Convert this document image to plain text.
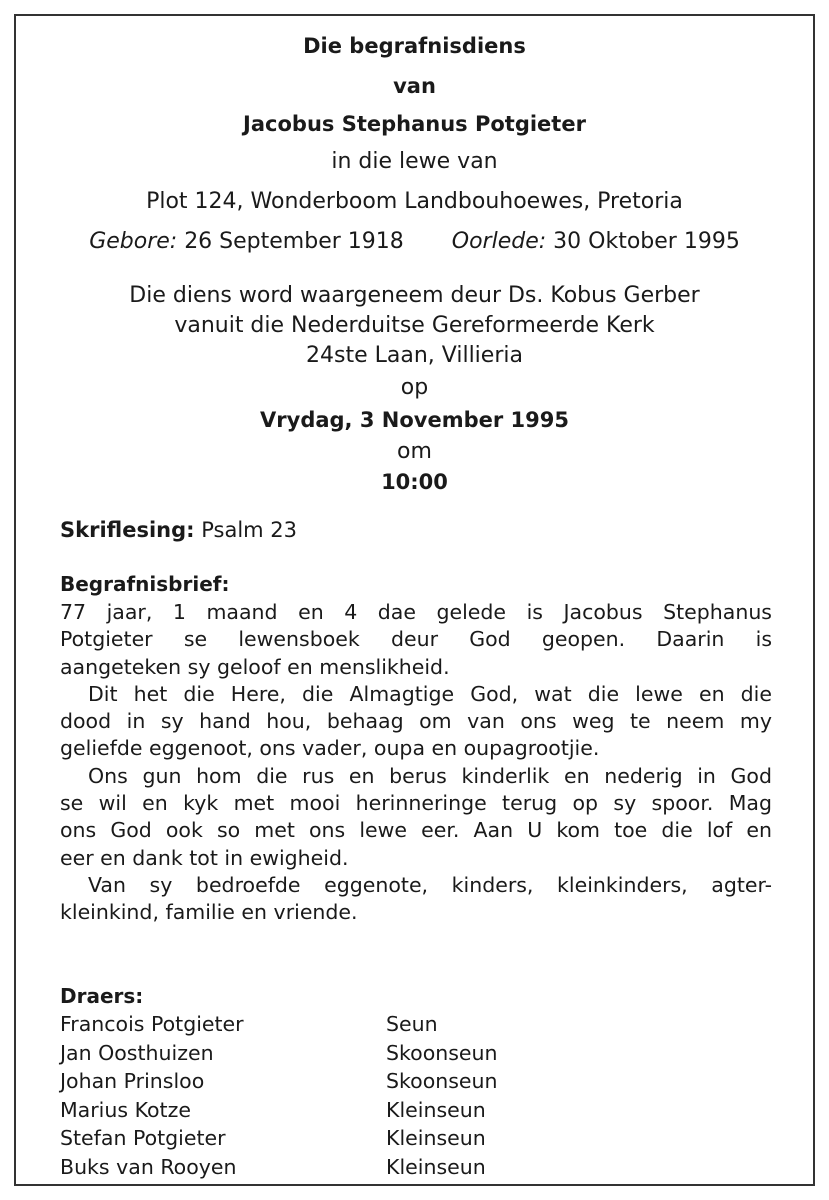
Die begrafnisdiens
van
Jacobus Stephanus Potgieter
in die lewe van
Plot 124, Wonderboom Landbouhoewes, Pretoria
Gebore: 26 September 1918 Oorlede: 30 Oktober 1995
Die diens word waargeneem deur Ds. Kobus Gerber
vanuit die Nederduitse Gereformeerde Kerk
24ste Laan, Villieria
op
Vrydag, 3 November 1995
om
10:00
Skriflesing: Psalm 23
Begrafnisbrief:
77 jaar, 1 maand en 4 dae gelede is Jacobus Stephanus
Potgieter se lewensboek deur God geopen. Daarin is
aangeteken sy geloof en menslikheid.
Dit het die Here, die Almagtige God, wat die lewe en die
dood in sy hand hou, behaag om van ons weg te neem my
geliefde eggenoot, ons vader, oupa en oupagrootjie.
Ons gun hom die rus en berus kinderlik en nederig in God
se wil en kyk met mooi herinneringe terug op sy spoor. Mag
ons God ook so met ons lewe eer. Aan U kom toe die lof en
eer en dank tot in ewigheid.
Van sy bedroefde eggenote, kinders, kleinkinders, agter-
kleinkind, familie en vriende.
Draers:
Francois Potgieter	Seun
Jan Oosthuizen	Skoonseun
Johan Prinsloo	Skoonseun
Marius Kotze	Kleinseun
Stefan Potgieter	Kleinseun
Buks van Rooyen	Kleinseun
